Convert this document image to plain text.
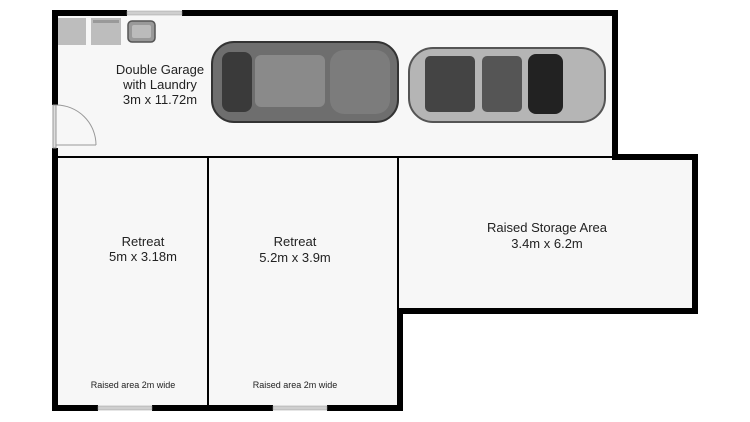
Double Garage
with Laundry
3m x 11.72m
Retreat
5m x 3.18m
Raised area 2m wide
Retreat
5.2m x 3.9m
Raised area 2m wide
Raised Storage Area
3.4m x 6.2m
